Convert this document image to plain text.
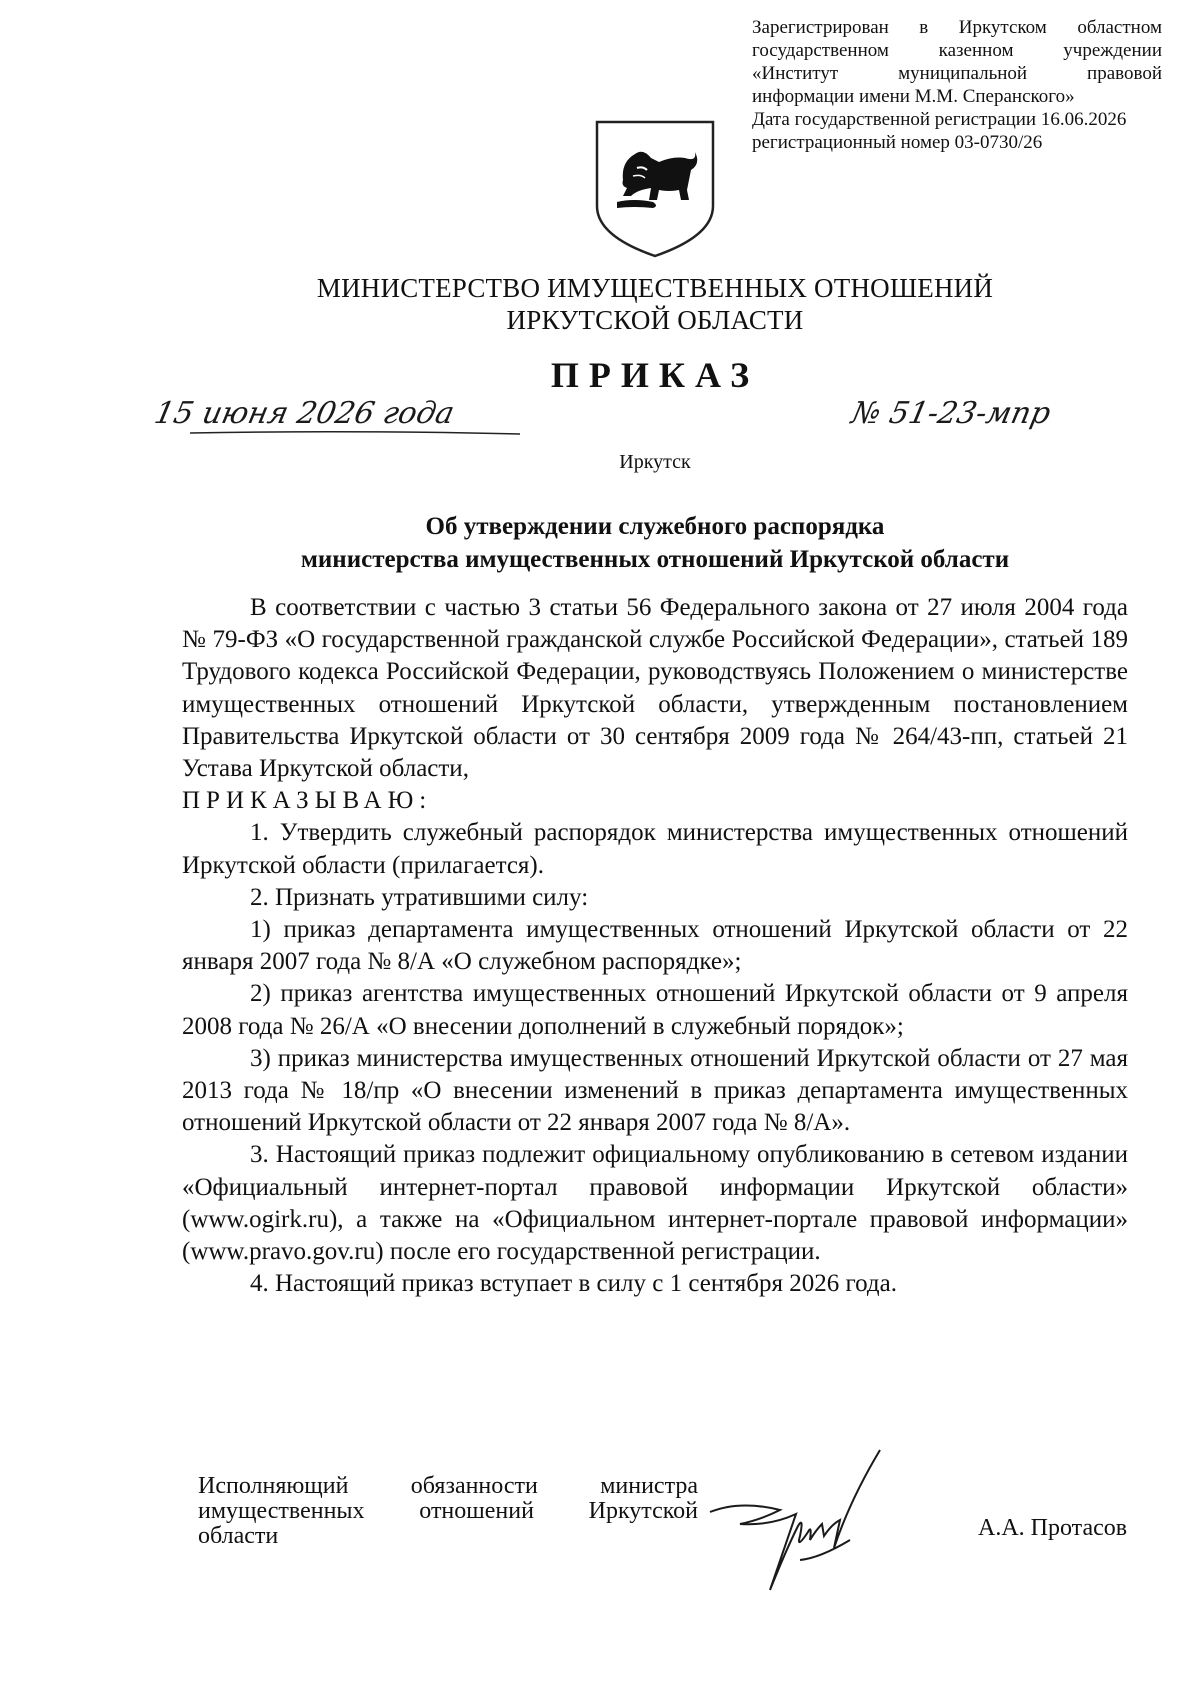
Зарегистрирован в Иркутском областном
государственном казенном учреждении
«Институт муниципальной правовой
информации имени М.М. Сперанского»
Дата государственной регистрации 16.06.2026
регистрационный номер 03-0730/26
МИНИСТЕРСТВО ИМУЩЕСТВЕННЫХ ОТНОШЕНИЙ
ИРКУТСКОЙ ОБЛАСТИ
ПРИКАЗ
15 июня 2026 года	№ 51-23-мпр
Иркутск
Об утверждении служебного распорядка
министерства имущественных отношений Иркутской области

В соответствии с частью 3 статьи 56 Федерального закона от 27 июля 2004 года № 79-ФЗ «О государственной гражданской службе Российской Федерации», статьей 189 Трудового кодекса Российской Федерации, руководствуясь Положением о министерстве имущественных отношений Иркутской области, утвержденным постановлением Правительства Иркутской области от 30 сентября 2009 года № 264/43-пп, статьей 21 Устава Иркутской области,

ПРИКАЗЫВАЮ:

1. Утвердить служебный распорядок министерства имущественных отношений Иркутской области (прилагается).

2. Признать утратившими силу:

1) приказ департамента имущественных отношений Иркутской области от 22 января 2007 года № 8/А «О служебном распорядке»;

2) приказ агентства имущественных отношений Иркутской области от 9 апреля 2008 года № 26/А «О внесении дополнений в служебный порядок»;

3) приказ министерства имущественных отношений Иркутской области от 27 мая 2013 года № 18/пр «О внесении изменений в приказ департамента имущественных отношений Иркутской области от 22 января 2007 года № 8/А».

3. Настоящий приказ подлежит официальному опубликованию в сетевом издании «Официальный интернет-портал правовой информации Иркутской области» (www.ogirk.ru), а также на «Официальном интернет-портале правовой информации» (www.pravo.gov.ru) после его государственной регистрации.

4. Настоящий приказ вступает в силу с 1 сентября 2026 года.

Исполняющий обязанности министра
имущественных отношений Иркутской
области	А.А. Протасов
